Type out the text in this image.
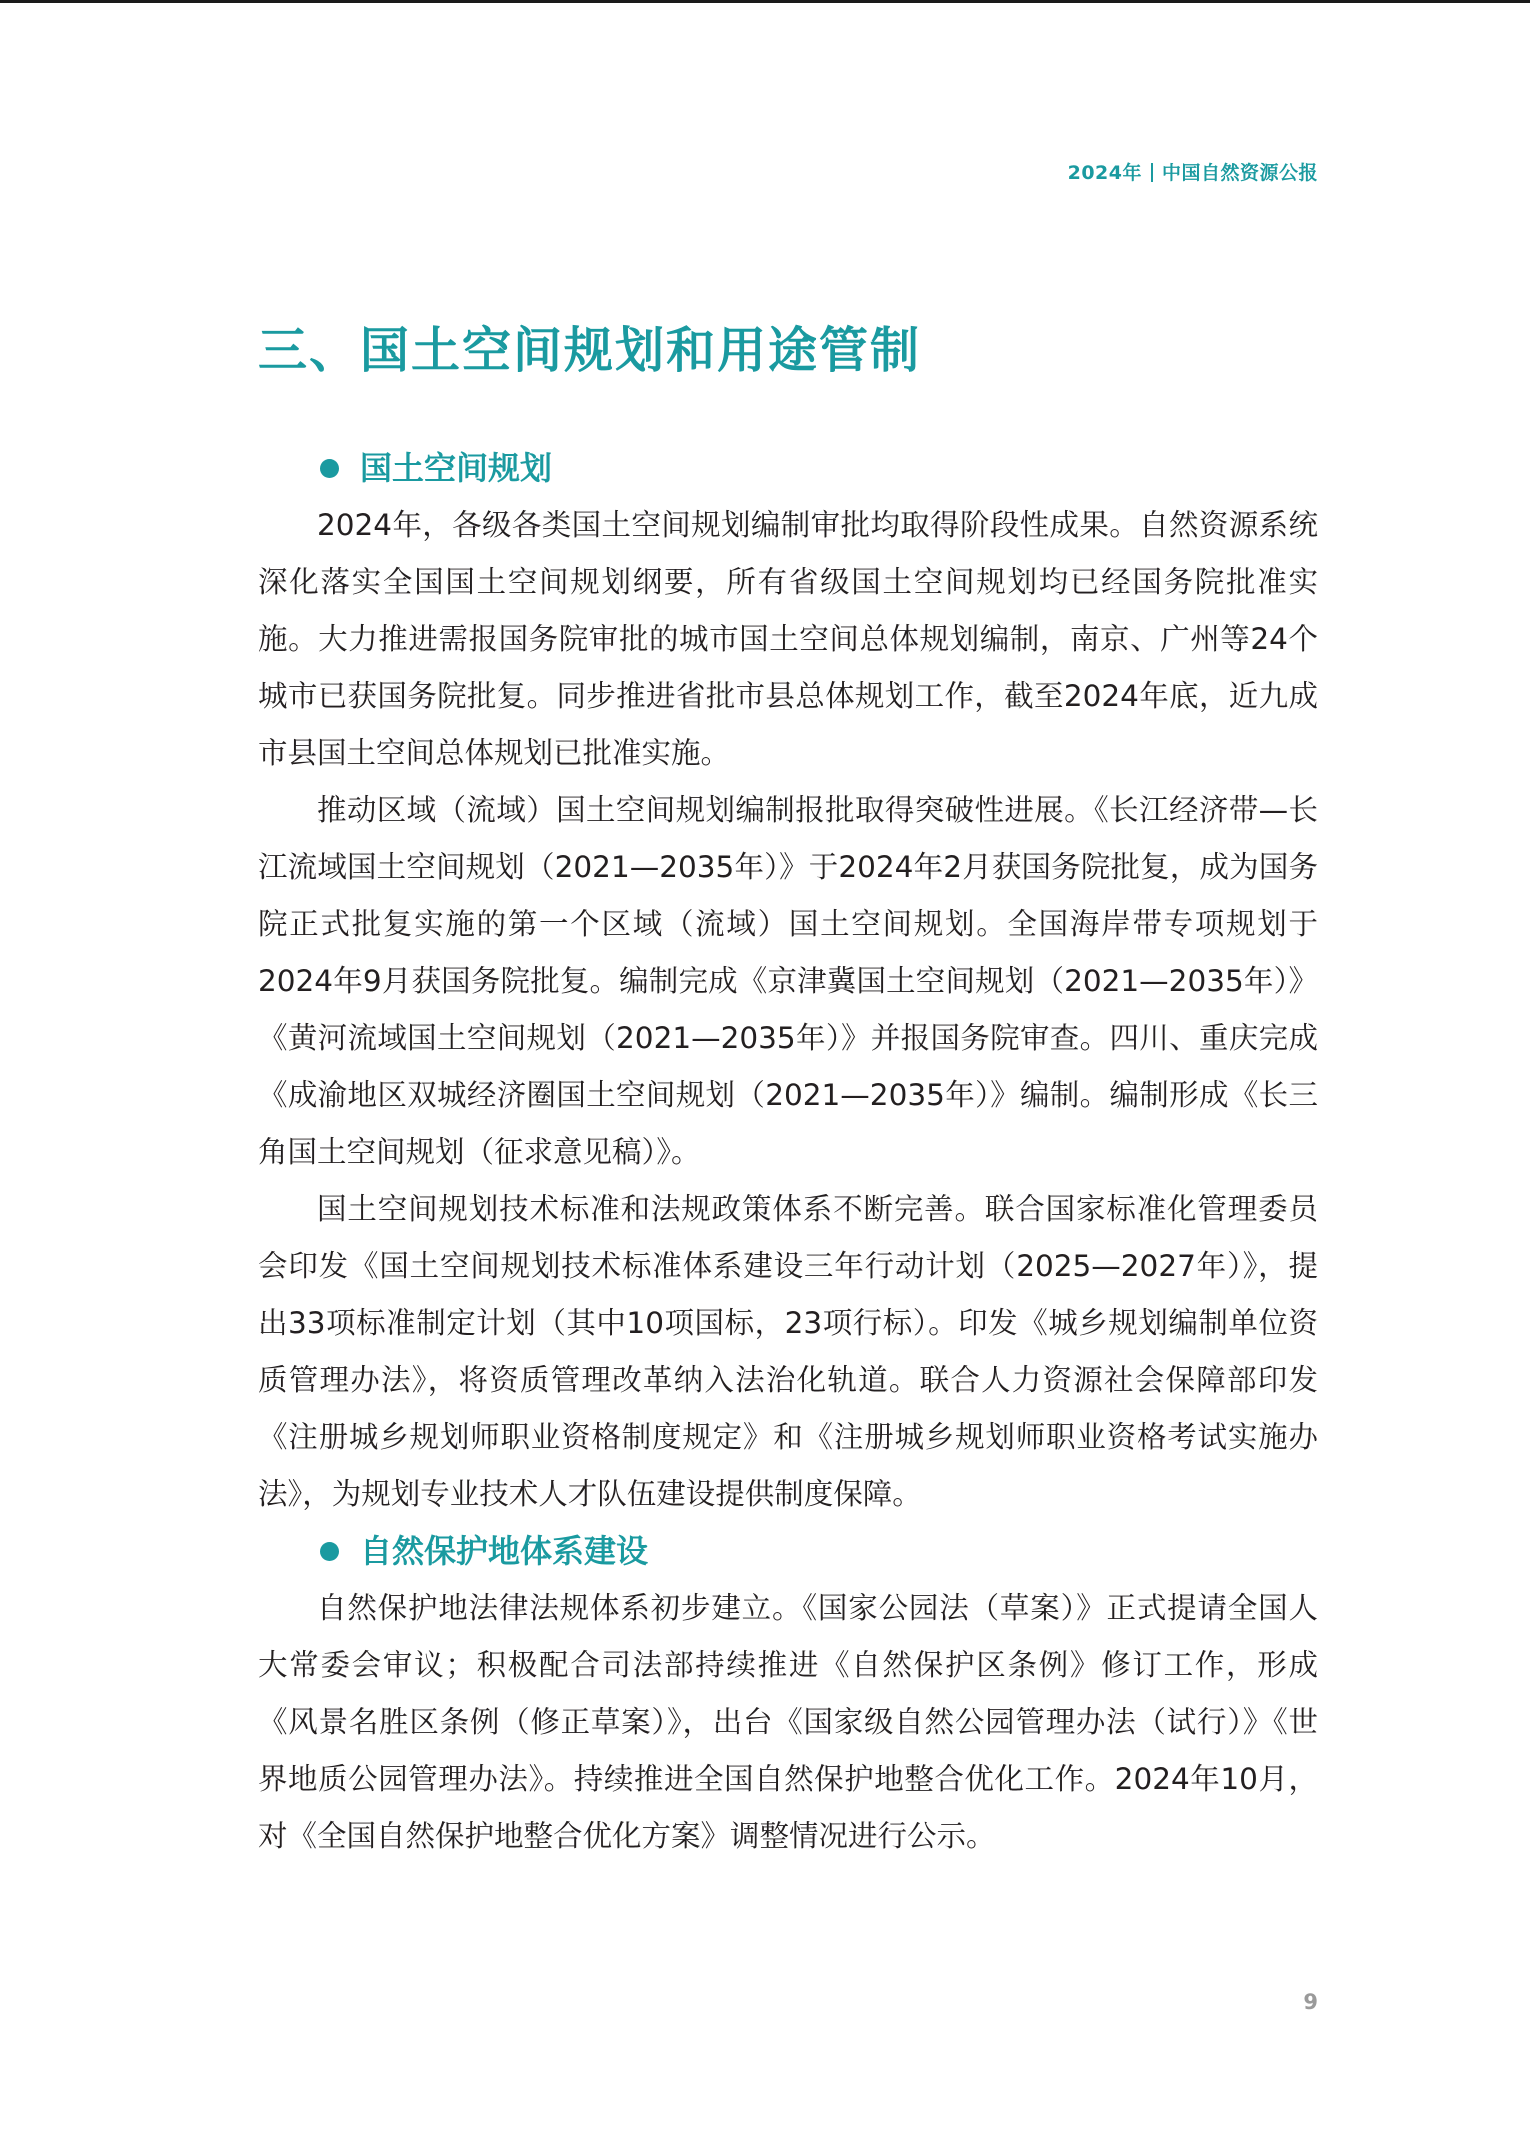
2024年 中国自然资源公报
三、国土空间规划和用途管制
国土空间规划

2024年，各级各类国土空间规划编制审批均取得阶段性成果。自然资源系统深化落实全国国土空间规划纲要，所有省级国土空间规划均已经国务院批准实施。大力推进需报国务院审批的城市国土空间总体规划编制，南京、广州等24个城市已获国务院批复。同步推进省批市县总体规划工作，截至2024年底，近九成市县国土空间总体规划已批准实施。

推动区域（流域）国土空间规划编制报批取得突破性进展。《长江经济带—长江流域国土空间规划（2021—2035年）》于2024年2月获国务院批复，成为国务院正式批复实施的第一个区域（流域）国土空间规划。全国海岸带专项规划于2024年9月获国务院批复。编制完成《京津冀国土空间规划（2021—2035年）》《黄河流域国土空间规划（2021—2035年）》并报国务院审查。四川、重庆完成《成渝地区双城经济圈国土空间规划（2021—2035年）》编制。编制形成《长三角国土空间规划（征求意见稿）》。

国土空间规划技术标准和法规政策体系不断完善。联合国家标准化管理委员会印发《国土空间规划技术标准体系建设三年行动计划（2025—2027年）》，提出33项标准制定计划（其中10项国标，23项行标）。印发《城乡规划编制单位资质管理办法》，将资质管理改革纳入法治化轨道。联合人力资源社会保障部印发《注册城乡规划师职业资格制度规定》和《注册城乡规划师职业资格考试实施办法》，为规划专业技术人才队伍建设提供制度保障。

自然保护地体系建设

自然保护地法律法规体系初步建立。《国家公园法（草案）》正式提请全国人大常委会审议；积极配合司法部持续推进《自然保护区条例》修订工作，形成《风景名胜区条例（修正草案）》，出台《国家级自然公园管理办法（试行）》《世界地质公园管理办法》。持续推进全国自然保护地整合优化工作。2024年10月，对《全国自然保护地整合优化方案》调整情况进行公示。

9
